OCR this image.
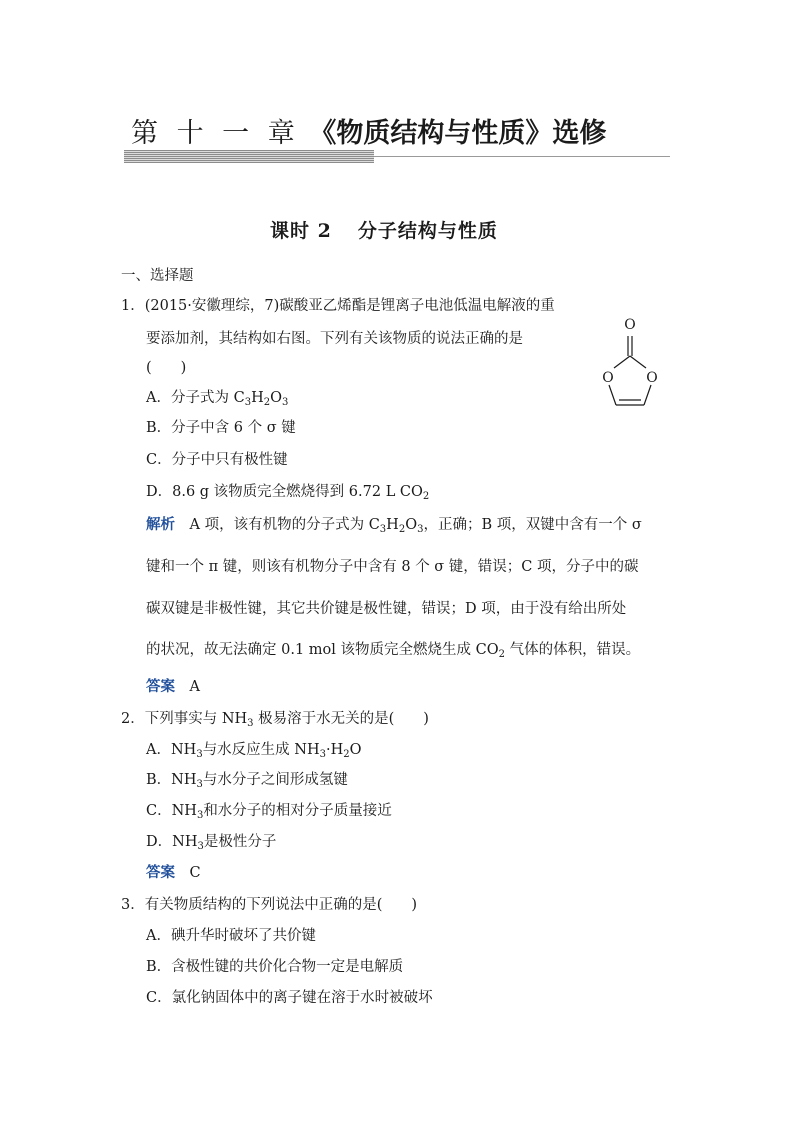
第 十 一 章 《物质结构与性质》选修
课时 2 分子结构与性质
一、选择题
1．(2015·安徽理综，7)碳酸亚乙烯酯是锂离子电池低温电解液的重
要添加剂，其结构如右图。下列有关该物质的说法正确的是
(　　)
A．分子式为 $C_3H_2O_3$
B．分子中含 6 个 σ 键
C．分子中只有极性键
D．8.6 g 该物质完全燃烧得到 6.72 L $CO_2$
O
O O
解析　A 项，该有机物的分子式为 $C_3H_2O_3$，正确；B 项，双键中含有一个 σ
键和一个 π 键，则该有机物分子中含有 8 个 σ 键，错误；C 项，分子中的碳
碳双键是非极性键，其它共价键是极性键，错误；D 项，由于没有给出所处
的状况，故无法确定 0.1 mol 该物质完全燃烧生成 $CO_2$ 气体的体积，错误。
答案　A
2．下列事实与 $NH_3$ 极易溶于水无关的是(　　)
A．$NH_3$与水反应生成 $NH_3\cdot H_2O$
B．$NH_3$与水分子之间形成氢键
C．$NH_3$和水分子的相对分子质量接近
D．$NH_3$是极性分子
答案　C
3．有关物质结构的下列说法中正确的是(　　)
A．碘升华时破坏了共价键
B．含极性键的共价化合物一定是电解质
C．氯化钠固体中的离子键在溶于水时被破坏
